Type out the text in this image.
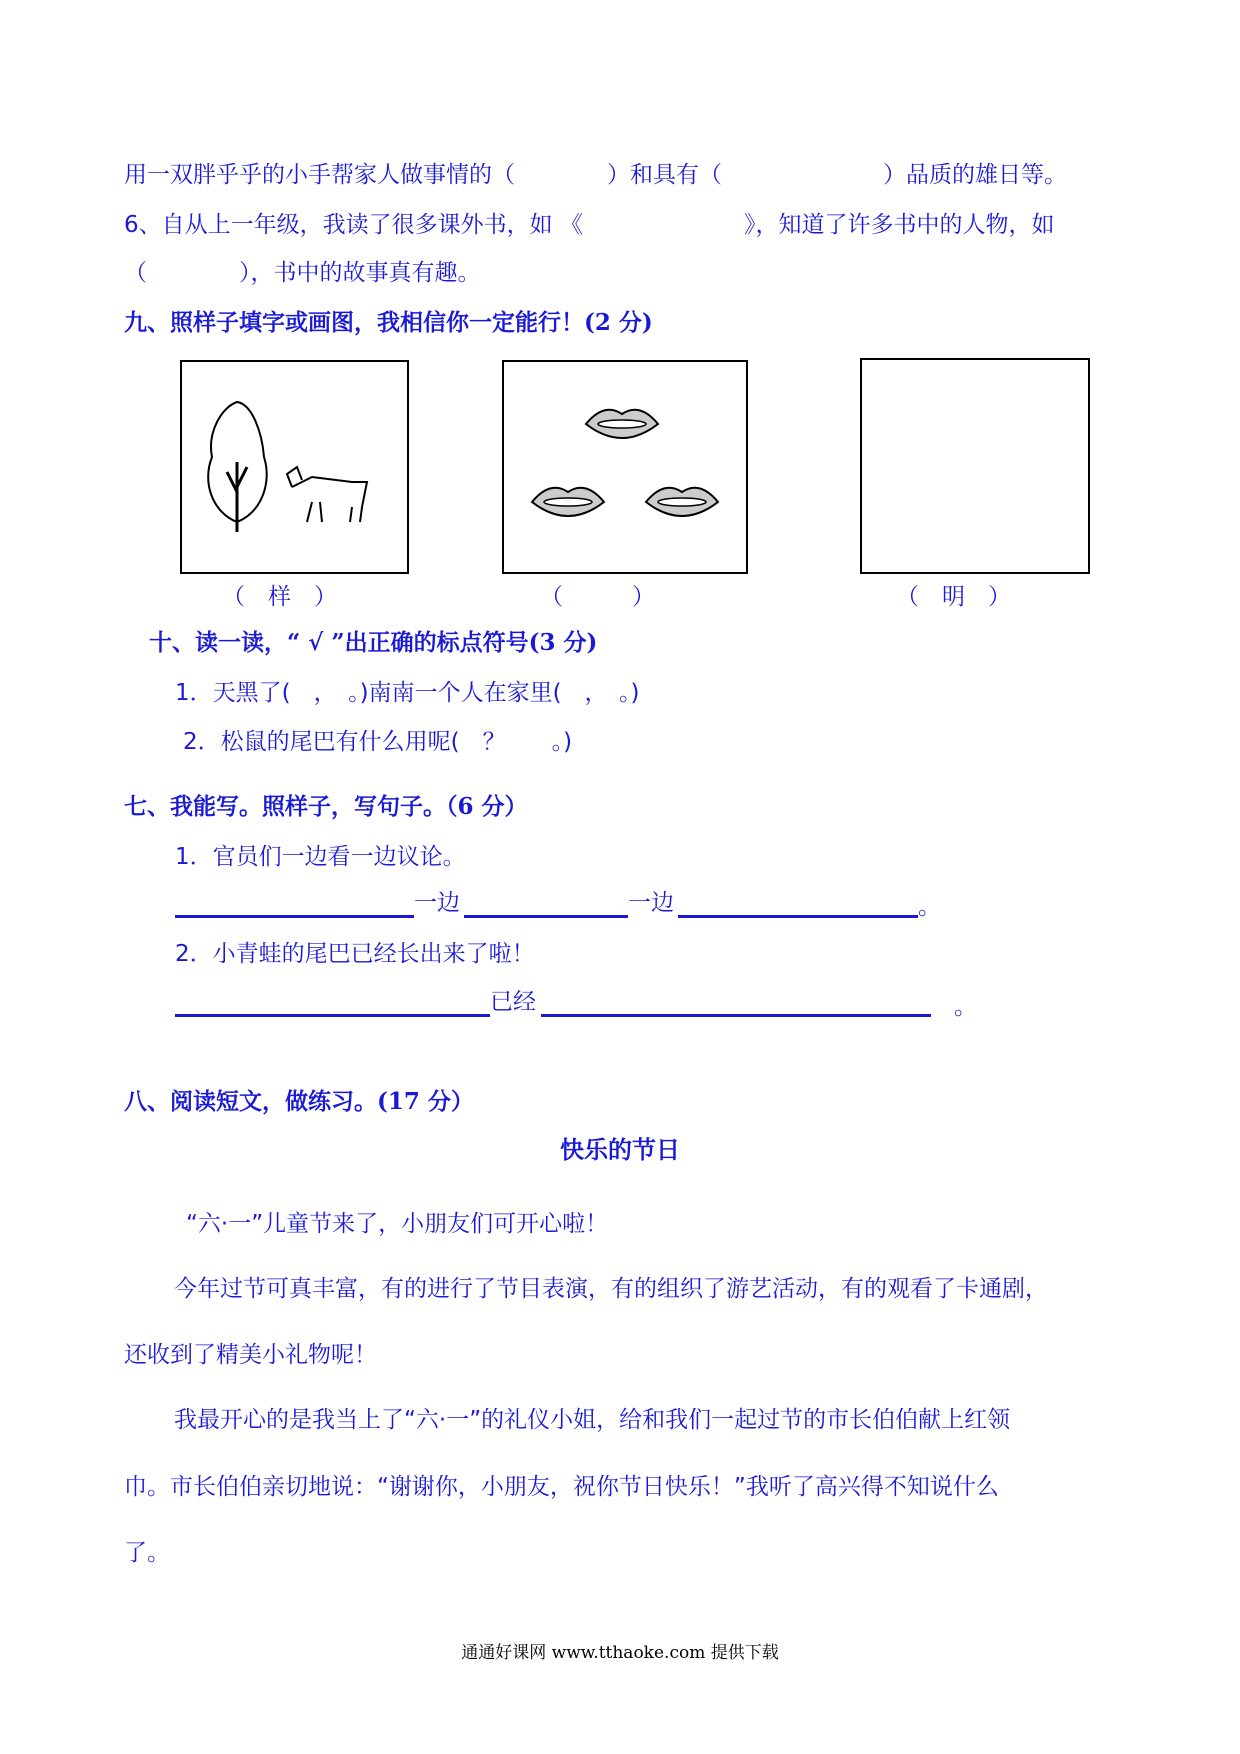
用一双胖乎乎的小手帮家人做事情的（　　　　）和具有（　　　　　　　）品质的雄日等。
6、自从上一年级，我读了很多课外书，如 《　　　　　　　》，知道了许多书中的人物，如
（　　　　），书中的故事真有趣。
九、照样子填字或画图，我相信你一定能行！(2 分)
（　样　）	（　　　）	（　明　）
十、读一读，“ √ ”出正确的标点符号(3 分)
1．天黑了(　，　。)南南一个人在家里(　，　。)
2．松鼠的尾巴有什么用呢(　？　　。)
七、我能写。照样子，写句子。（6 分）
1．官员们一边看一边议论。
一边	一边	。
2．小青蛙的尾巴已经长出来了啦！
已经	。
八、阅读短文，做练习。(17 分）
快乐的节日
“六·一”儿童节来了，小朋友们可开心啦！
今年过节可真丰富，有的进行了节目表演，有的组织了游艺活动，有的观看了卡通剧，
还收到了精美小礼物呢！
我最开心的是我当上了“六·一”的礼仪小姐，给和我们一起过节的市长伯伯献上红领
巾。市长伯伯亲切地说：“谢谢你，小朋友，祝你节日快乐！”我听了高兴得不知说什么
了。
通通好课网 www.tthaoke.com 提供下载
